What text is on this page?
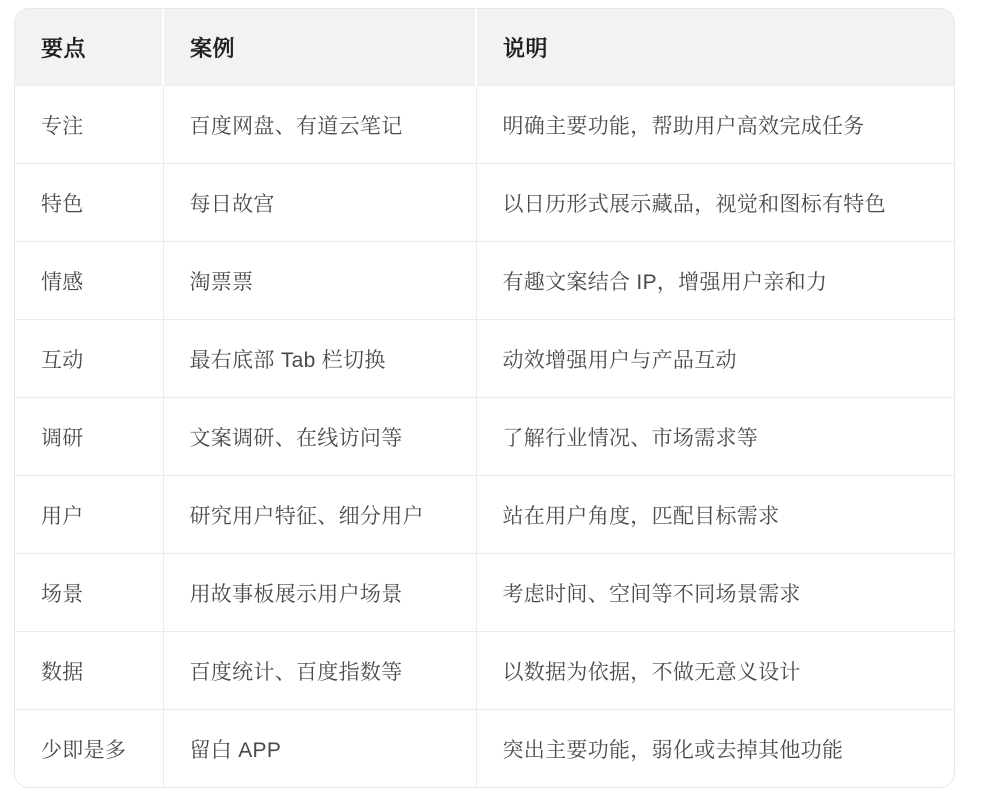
要点	案例	说明
专注	百度网盘、有道云笔记	明确主要功能，帮助用户高效完成任务
特色	每日故宫	以日历形式展示藏品，视觉和图标有特色
情感	淘票票	有趣文案结合 IP，增强用户亲和力
互动	最右底部 Tab 栏切换	动效增强用户与产品互动
调研	文案调研、在线访问等	了解行业情况、市场需求等
用户	研究用户特征、细分用户	站在用户角度，匹配目标需求
场景	用故事板展示用户场景	考虑时间、空间等不同场景需求
数据	百度统计、百度指数等	以数据为依据，不做无意义设计
少即是多	留白 APP	突出主要功能，弱化或去掉其他功能
